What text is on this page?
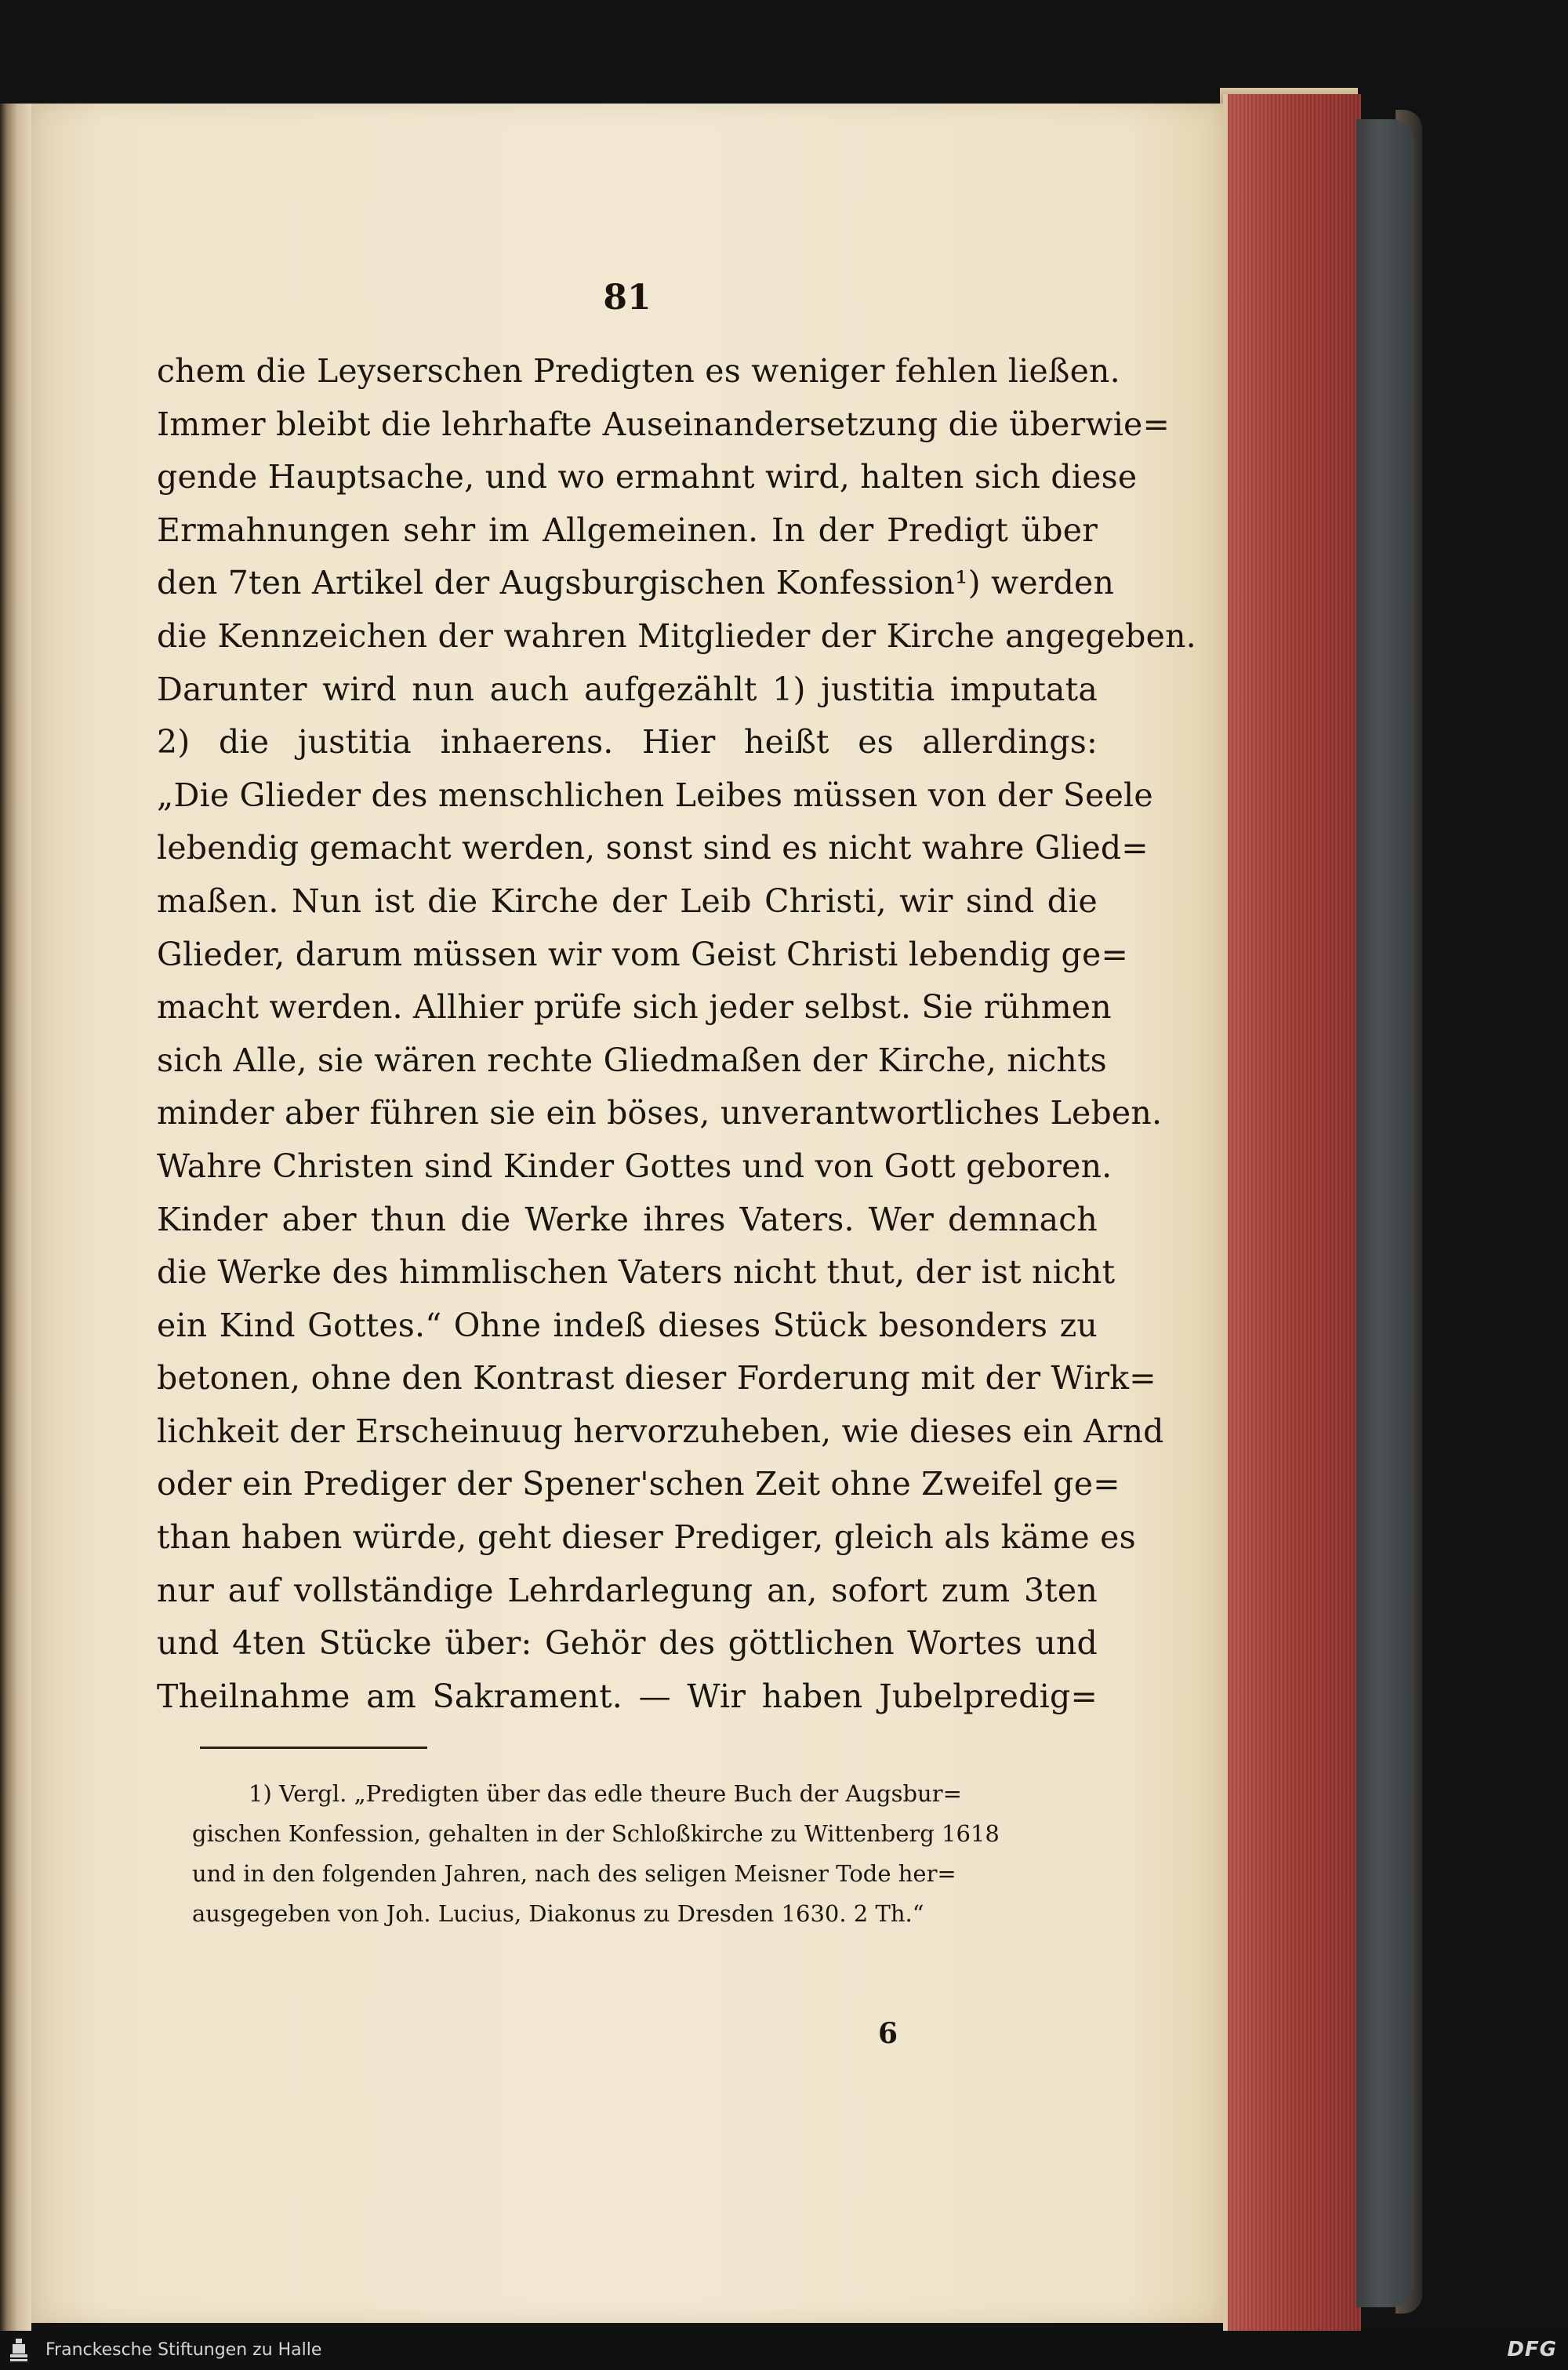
81
chem die Leyserschen Predigten es weniger fehlen ließen.
Immer bleibt die lehrhafte Auseinandersetzung die überwie=
gende Hauptsache, und wo ermahnt wird, halten sich diese
Ermahnungen sehr im Allgemeinen. In der Predigt über
den 7ten Artikel der Augsburgischen Konfession¹) werden
die Kennzeichen der wahren Mitglieder der Kirche angegeben.
Darunter wird nun auch aufgezählt 1) justitia imputata
2) die justitia inhaerens. Hier heißt es allerdings:
„Die Glieder des menschlichen Leibes müssen von der Seele
lebendig gemacht werden, sonst sind es nicht wahre Glied=
maßen. Nun ist die Kirche der Leib Christi, wir sind die
Glieder, darum müssen wir vom Geist Christi lebendig ge=
macht werden. Allhier prüfe sich jeder selbst. Sie rühmen
sich Alle, sie wären rechte Gliedmaßen der Kirche, nichts
minder aber führen sie ein böses, unverantwortliches Leben.
Wahre Christen sind Kinder Gottes und von Gott geboren.
Kinder aber thun die Werke ihres Vaters. Wer demnach
die Werke des himmlischen Vaters nicht thut, der ist nicht
ein Kind Gottes.“ Ohne indeß dieses Stück besonders zu
betonen, ohne den Kontrast dieser Forderung mit der Wirk=
lichkeit der Erscheinuug hervorzuheben, wie dieses ein Arnd
oder ein Prediger der Spener'schen Zeit ohne Zweifel ge=
than haben würde, geht dieser Prediger, gleich als käme es
nur auf vollständige Lehrdarlegung an, sofort zum 3ten
und 4ten Stücke über: Gehör des göttlichen Wortes und
Theilnahme am Sakrament. — Wir haben Jubelpredig=
1) Vergl. „Predigten über das edle theure Buch der Augsbur=
gischen Konfession, gehalten in der Schloßkirche zu Wittenberg 1618
und in den folgenden Jahren, nach des seligen Meisner Tode her=
ausgegeben von Joh. Lucius, Diakonus zu Dresden 1630. 2 Th.“
6
Franckesche Stiftungen zu Halle	DFG
